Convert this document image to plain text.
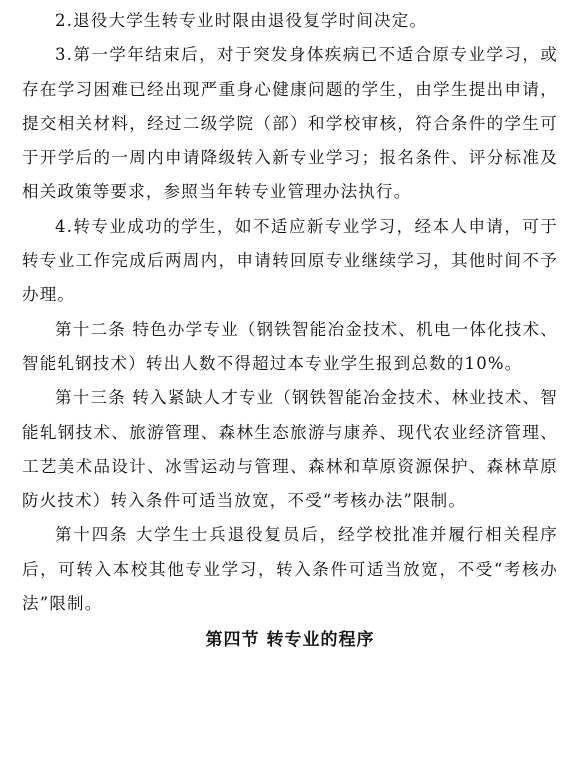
2.退役大学生转专业时限由退役复学时间决定。

3.第一学年结束后，对于突发身体疾病已不适合原专业学习，或存在学习困难已经出现严重身心健康问题的学生，由学生提出申请，提交相关材料，经过二级学院（部）和学校审核，符合条件的学生可于开学后的一周内申请降级转入新专业学习；报名条件、评分标准及相关政策等要求，参照当年转专业管理办法执行。

4.转专业成功的学生，如不适应新专业学习，经本人申请，可于转专业工作完成后两周内，申请转回原专业继续学习，其他时间不予办理。

第十二条 特色办学专业（钢铁智能冶金技术、机电一体化技术、智能轧钢技术）转出人数不得超过本专业学生报到总数的10%。

第十三条 转入紧缺人才专业（钢铁智能冶金技术、林业技术、智能轧钢技术、旅游管理、森林生态旅游与康养、现代农业经济管理、工艺美术品设计、冰雪运动与管理、森林和草原资源保护、森林草原防火技术）转入条件可适当放宽，不受“考核办法”限制。

第十四条 大学生士兵退役复员后，经学校批准并履行相关程序后，可转入本校其他专业学习，转入条件可适当放宽，不受“考核办法”限制。

第四节 转专业的程序
